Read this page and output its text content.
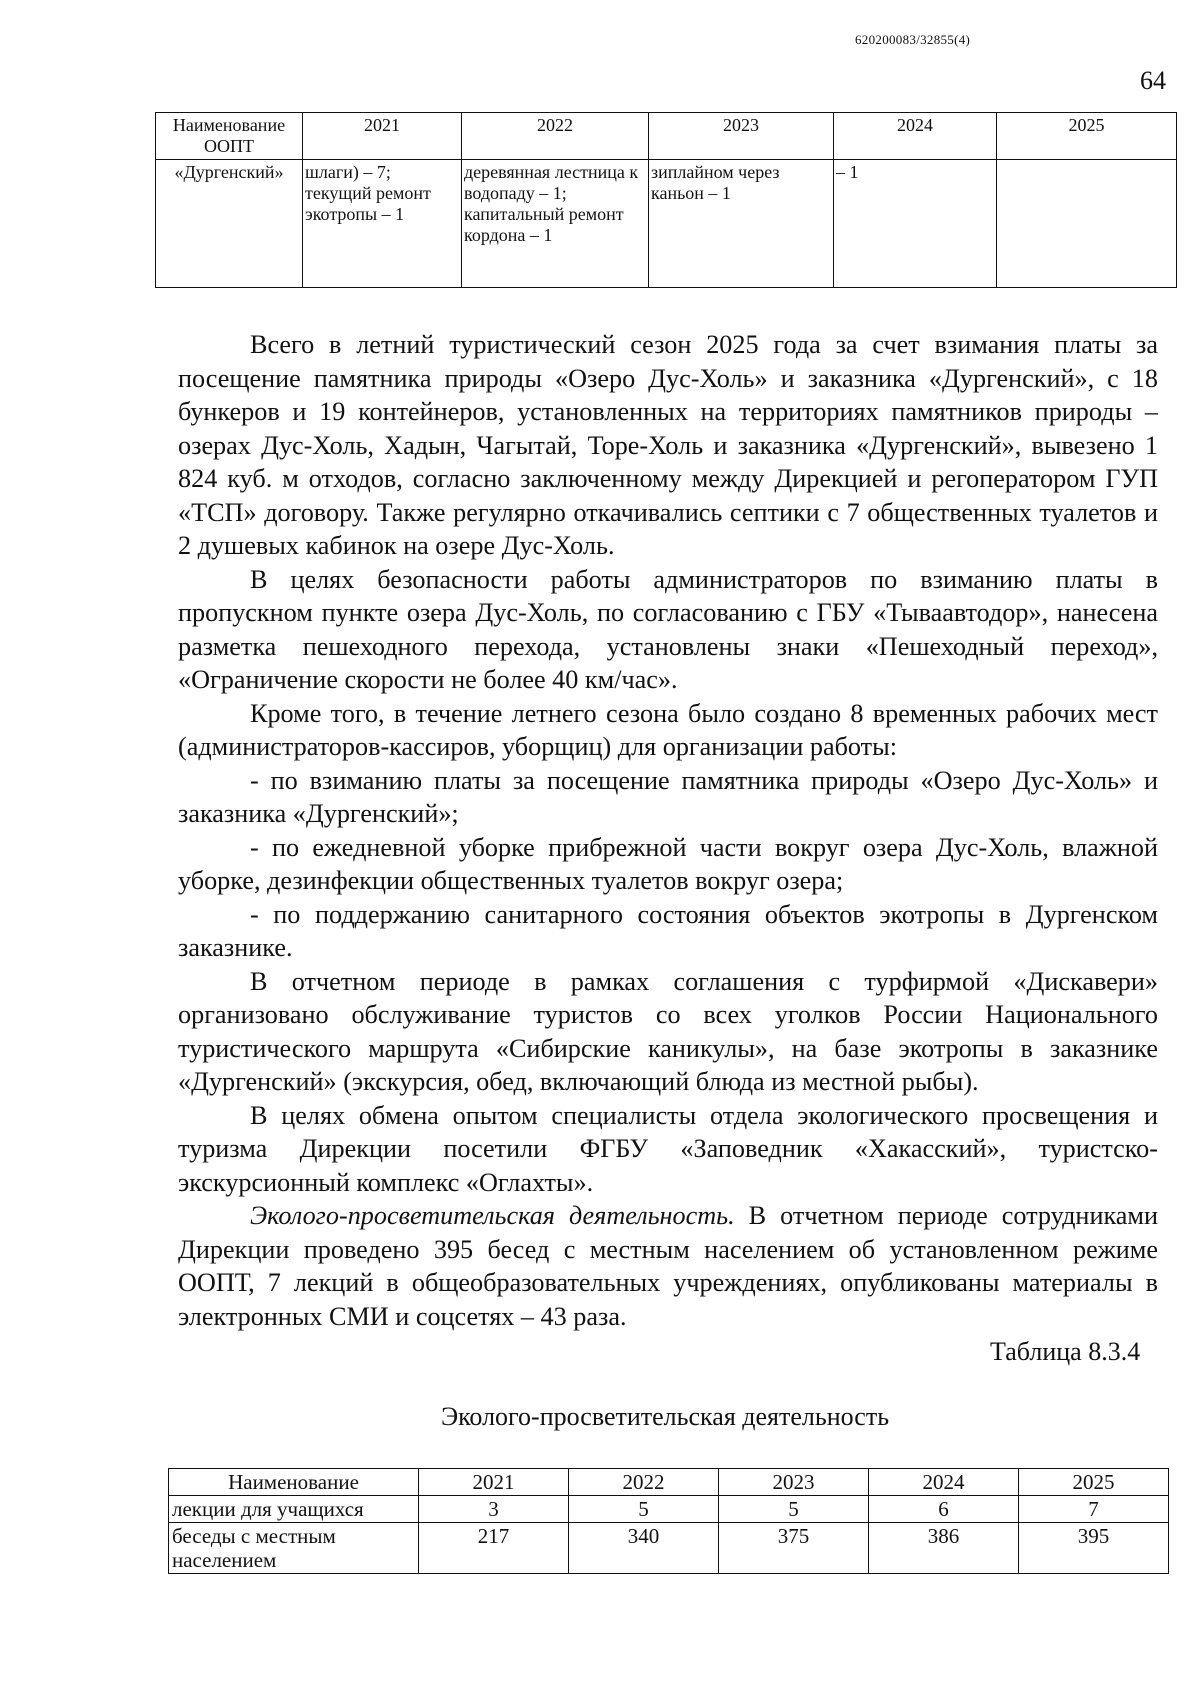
620200083/32855(4)
64
Наименование ООПТ	2021	2022	2023	2024	2025
«Дургенский»	шлаги) – 7; текущий ремонт экотропы – 1	деревянная лестница к водопаду – 1; капитальный ремонт кордона – 1	зиплайном через каньон – 1	– 1	

Всего в летний туристический сезон 2025 года за счет взимания платы за посещение памятника природы «Озеро Дус-Холь» и заказника «Дургенский», с 18 бункеров и 19 контейнеров, установленных на территориях памятников природы – озерах Дус-Холь, Хадын, Чагытай, Торе-Холь и заказника «Дургенский», вывезено 1 824 куб. м отходов, согласно заключенному между Дирекцией и регоператором ГУП «ТСП» договору. Также регулярно откачивались септики с 7 общественных туалетов и 2 душевых кабинок на озере Дус-Холь.

В целях безопасности работы администраторов по взиманию платы в пропускном пункте озера Дус-Холь, по согласованию с ГБУ «Тываавтодор», нанесена разметка пешеходного перехода, установлены знаки «Пешеходный переход», «Ограничение скорости не более 40 км/час».

Кроме того, в течение летнего сезона было создано 8 временных рабочих мест (администраторов-кассиров, уборщиц) для организации работы:

- по взиманию платы за посещение памятника природы «Озеро Дус-Холь» и заказника «Дургенский»;

- по ежедневной уборке прибрежной части вокруг озера Дус-Холь, влажной уборке, дезинфекции общественных туалетов вокруг озера;

- по поддержанию санитарного состояния объектов экотропы в Дургенском заказнике.

В отчетном периоде в рамках соглашения с турфирмой «Дискавери» организовано обслуживание туристов со всех уголков России Национального туристического маршрута «Сибирские каникулы», на базе экотропы в заказнике «Дургенский» (экскурсия, обед, включающий блюда из местной рыбы).

В целях обмена опытом специалисты отдела экологического просвещения и туризма Дирекции посетили ФГБУ «Заповедник «Хакасский», туристско-экскурсионный комплекс «Оглахты».

Эколого-просветительская деятельность. В отчетном периоде сотрудниками Дирекции проведено 395 бесед с местным населением об установленном режиме ООПТ, 7 лекций в общеобразовательных учреждениях, опубликованы материалы в электронных СМИ и соцсетях – 43 раза.

Таблица 8.3.4
Эколого-просветительская деятельность
Наименование	2021	2022	2023	2024	2025
лекции для учащихся	3	5	5	6	7
беседы с местным населением	217	340	375	386	395
